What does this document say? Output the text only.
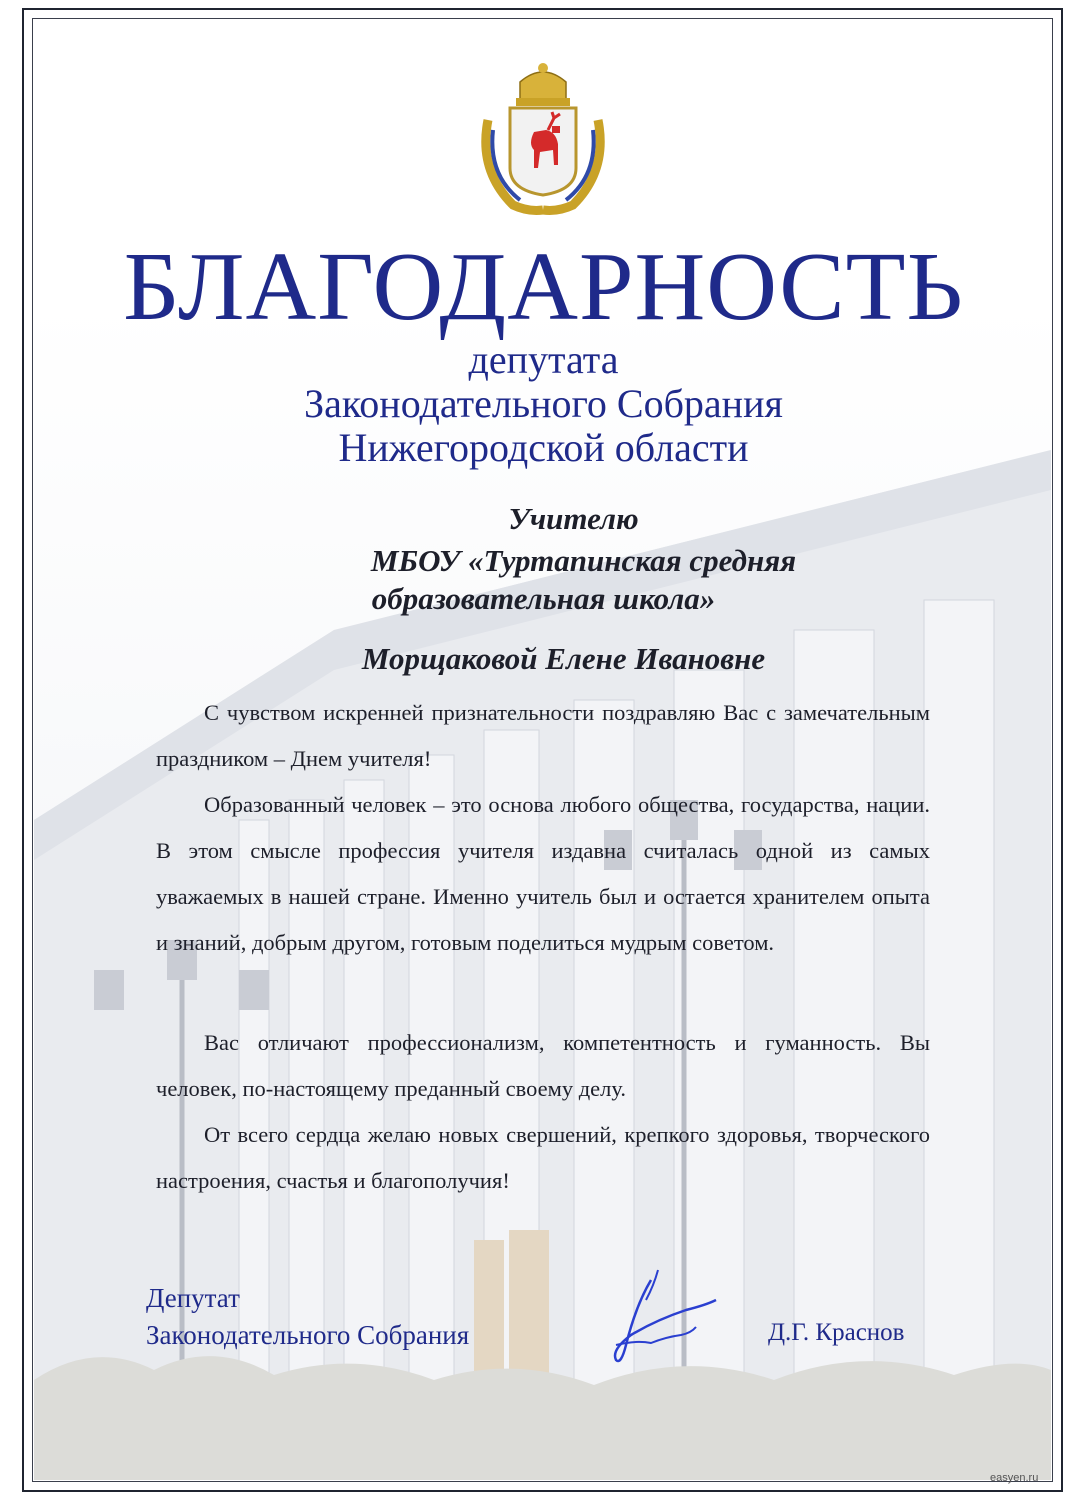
БЛАГОДАРНОСТЬ
депутата
Законодательного Собрания
Нижегородской области
Учителю
МБОУ «Туртапинская средняя
образовательная школа»
Морщаковой Елене Ивановне
С чувством искренней признательности поздравляю Вас с замечательным праздником – Днем учителя!
Образованный человек – это основа любого общества, государства, нации. В этом смысле профессия учителя издавна считалась одной из самых уважаемых в нашей стране. Именно учитель был и остается хранителем опыта и знаний, добрым другом, готовым поделиться мудрым советом.
Вас отличают профессионализм, компетентность и гуманность. Вы человек, по-настоящему преданный своему делу.
От всего сердца желаю новых свершений, крепкого здоровья, творческого настроения, счастья и благополучия!
Депутат
Законодательного Собрания	Д.Г. Краснов
easyen.ru
